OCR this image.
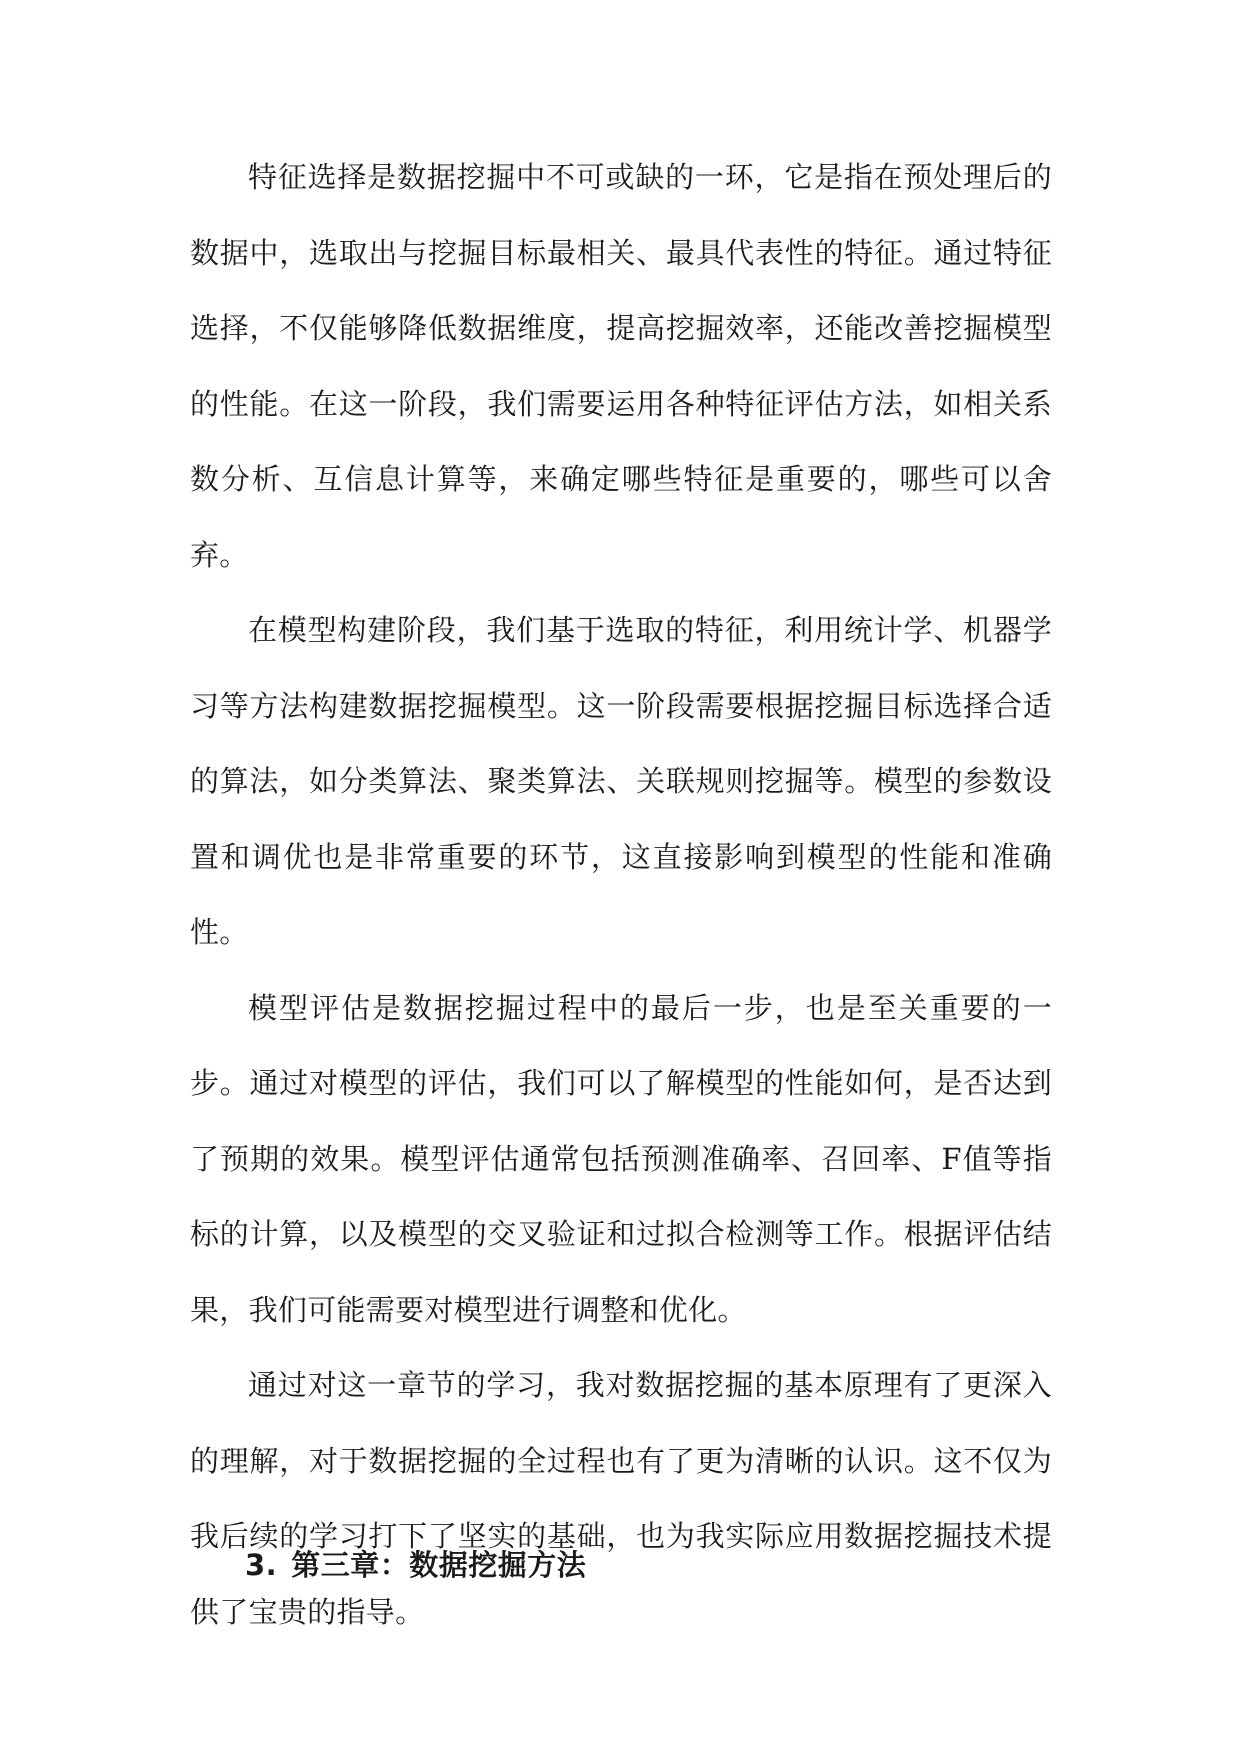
特征选择是数据挖掘中不可或缺的一环，它是指在预处理后的数据中，选取出与挖掘目标最相关、最具代表性的特征。通过特征选择，不仅能够降低数据维度，提高挖掘效率，还能改善挖掘模型的性能。在这一阶段，我们需要运用各种特征评估方法，如相关系数分析、互信息计算等，来确定哪些特征是重要的，哪些可以舍弃。

在模型构建阶段，我们基于选取的特征，利用统计学、机器学习等方法构建数据挖掘模型。这一阶段需要根据挖掘目标选择合适的算法，如分类算法、聚类算法、关联规则挖掘等。模型的参数设置和调优也是非常重要的环节，这直接影响到模型的性能和准确性。

模型评估是数据挖掘过程中的最后一步，也是至关重要的一步。通过对模型的评估，我们可以了解模型的性能如何，是否达到了预期的效果。模型评估通常包括预测准确率、召回率、F值等指标的计算，以及模型的交叉验证和过拟合检测等工作。根据评估结果，我们可能需要对模型进行调整和优化。

通过对这一章节的学习，我对数据挖掘的基本原理有了更深入的理解，对于数据挖掘的全过程也有了更为清晰的认识。这不仅为我后续的学习打下了坚实的基础，也为我实际应用数据挖掘技术提供了宝贵的指导。

3. 第三章：数据挖掘方法
